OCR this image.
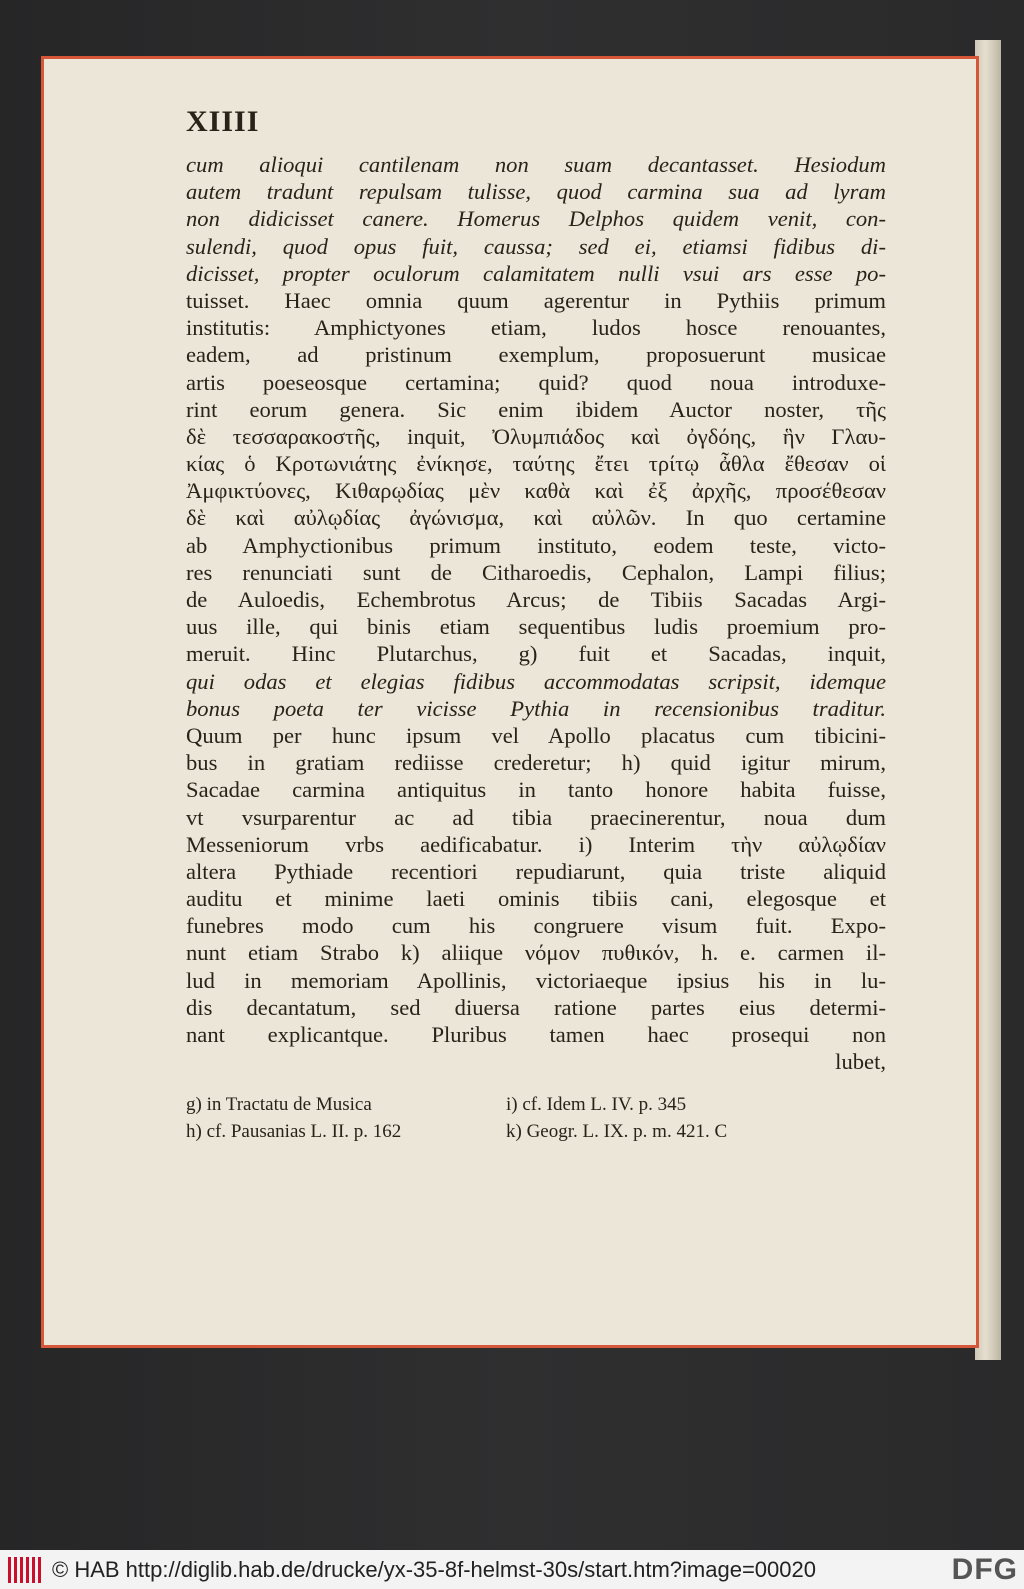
XIIII
cum alioqui cantilenam non suam decantasset. Hesiodum
autem tradunt repulsam tulisse, quod carmina sua ad lyram
non didicisset canere. Homerus Delphos quidem venit, con-
sulendi, quod opus fuit, caussa; sed ei, etiamsi fidibus di-
dicisset, propter oculorum calamitatem nulli vsui ars esse po-
tuisset. Haec omnia quum agerentur in Pythiis primum
institutis: Amphictyones etiam, ludos hosce renouantes,
eadem, ad pristinum exemplum, proposuerunt musicae
artis poeseosque certamina; quid? quod noua introduxe-
rint eorum genera. Sic enim ibidem Auctor noster, τῆς
δὲ τεσσαρακοστῆς, inquit, Ὀλυμπιάδος καὶ ὀγδόης, ἣν Γλαυ-
κίας ὁ Κροτωνιάτης ἐνίκησε, ταύτης ἔτει τρίτῳ ἆθλα ἔθεσαν οἱ
Ἀμφικτύονες, Κιθαρῳδίας μὲν καθὰ καὶ ἐξ ἀρχῆς, προσέθεσαν
δὲ καὶ αὐλῳδίας ἀγώνισμα, καὶ αὐλῶν. In quo certamine
ab Amphyctionibus primum instituto, eodem teste, victo-
res renunciati sunt de Citharoedis, Cephalon, Lampi filius;
de Auloedis, Echembrotus Arcus; de Tibiis Sacadas Argi-
uus ille, qui binis etiam sequentibus ludis proemium pro-
meruit. Hinc Plutarchus, g) fuit et Sacadas, inquit,
qui odas et elegias fidibus accommodatas scripsit, idemque
bonus poeta ter vicisse Pythia in recensionibus traditur.
Quum per hunc ipsum vel Apollo placatus cum tibicini-
bus in gratiam rediisse crederetur; h) quid igitur mirum,
Sacadae carmina antiquitus in tanto honore habita fuisse,
vt vsurparentur ac ad tibia praecinerentur, noua dum
Messeniorum vrbs aedificabatur. i) Interim τὴν αὐλῳδίαν
altera Pythiade recentiori repudiarunt, quia triste aliquid
auditu et minime laeti ominis tibiis cani, elegosque et
funebres modo cum his congruere visum fuit. Expo-
nunt etiam Strabo k) aliique νόμον πυθικόν, h. e. carmen il-
lud in memoriam Apollinis, victoriaeque ipsius his in lu-
dis decantatum, sed diuersa ratione partes eius determi-
nant explicantque. Pluribus tamen haec prosequi non
lubet,
g) in Tractatu de Musica	i) cf. Idem L. IV. p. 345
h) cf. Pausanias L. II. p. 162	k) Geogr. L. IX. p. m. 421. C
© HAB http://diglib.hab.de/drucke/yx-35-8f-helmst-30s/start.htm?image=00020	DFG
